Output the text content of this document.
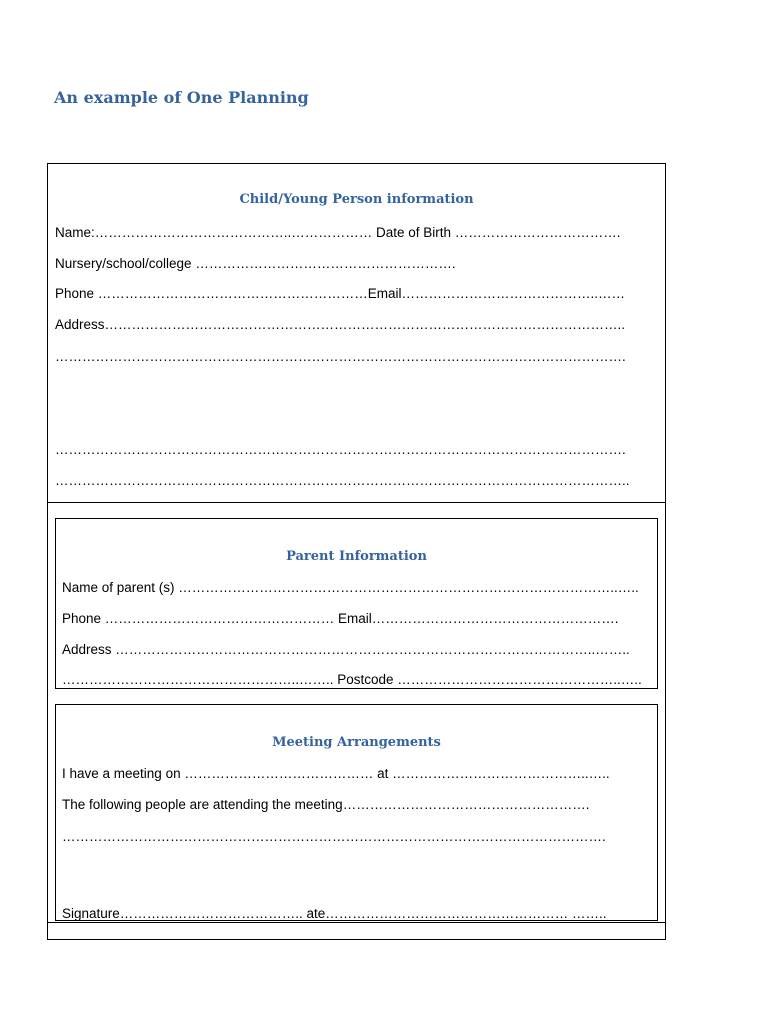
An example of One Planning
Child/Young Person information
Name:……………………………………..……………… Date of Birth ……………………………….
Nursery/school/college ………………………………………………….
Phone ……………………………………………………Email……………………………………..……
Address……………………………………………………………………………………………………..
……………………………………………………………………………………………………………….
……………………………………………………………………………………………………………….
………………………………………………………………………………………………………………..
Parent Information
Name of parent (s) ……………………………………………………………………………………..…..
Phone …………………………………………… Email……………………………………………….
Address ……………………………………………………………………………………………..……..
……………………………………………..…….. Postcode …………………………………………..…..
Meeting Arrangements
I have a meeting on …………………………………… at ……………………………………..…..
The following people are attending the meeting……………………………………………….
………………………………………………………………………………………………………….
Signature………………………………….. ate……………………………………………… ……..
